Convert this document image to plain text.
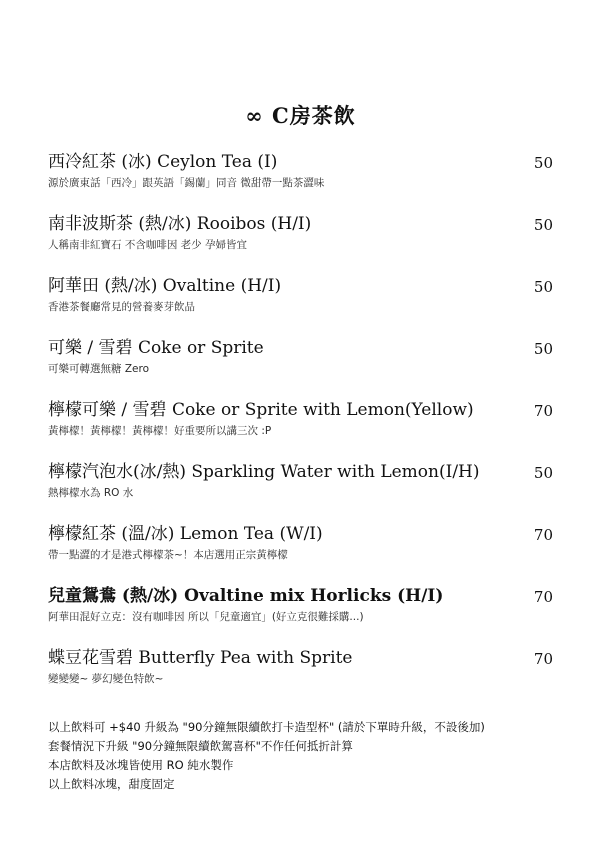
∞ C房茶飲
西冷紅茶 (冰) Ceylon Tea (I)
源於廣東話「西冷」跟英語「錫蘭」同音 微甜帶一點茶澀味
50
南非波斯茶 (熱/冰) Rooibos (H/I)
人稱南非紅寶石 不含咖啡因 老少 孕婦皆宜
50
阿華田 (熱/冰) Ovaltine (H/I)
香港茶餐廳常見的營養麥芽飲品
50
可樂 / 雪碧 Coke or Sprite
可樂可轉選無糖 Zero
50
檸檬可樂 / 雪碧 Coke or Sprite with Lemon(Yellow)
黃檸檬！黃檸檬！黃檸檬！好重要所以講三次 :P
70
檸檬汽泡水(冰/熱) Sparkling Water with Lemon(I/H)
熱檸檬水為 RO 水
50
檸檬紅茶 (溫/冰) Lemon Tea (W/I)
帶一點澀的才是港式檸檬茶~！本店選用正宗黃檸檬
70
兒童鴛鴦 (熱/冰) Ovaltine mix Horlicks (H/I)
阿華田混好立克：沒有咖啡因 所以「兒童適宜」(好立克很難採購...)
70
蝶豆花雪碧 Butterfly Pea with Sprite
變變變~ 夢幻變色特飲~
70
以上飲料可 +$40 升級為 "90分鐘無限續飲打卡造型杯" (請於下單時升級，不設後加)
套餐情況下升級 "90分鐘無限續飲駕喜杯"不作任何抵折計算
本店飲料及冰塊皆使用 RO 純水製作
以上飲料冰塊，甜度固定
